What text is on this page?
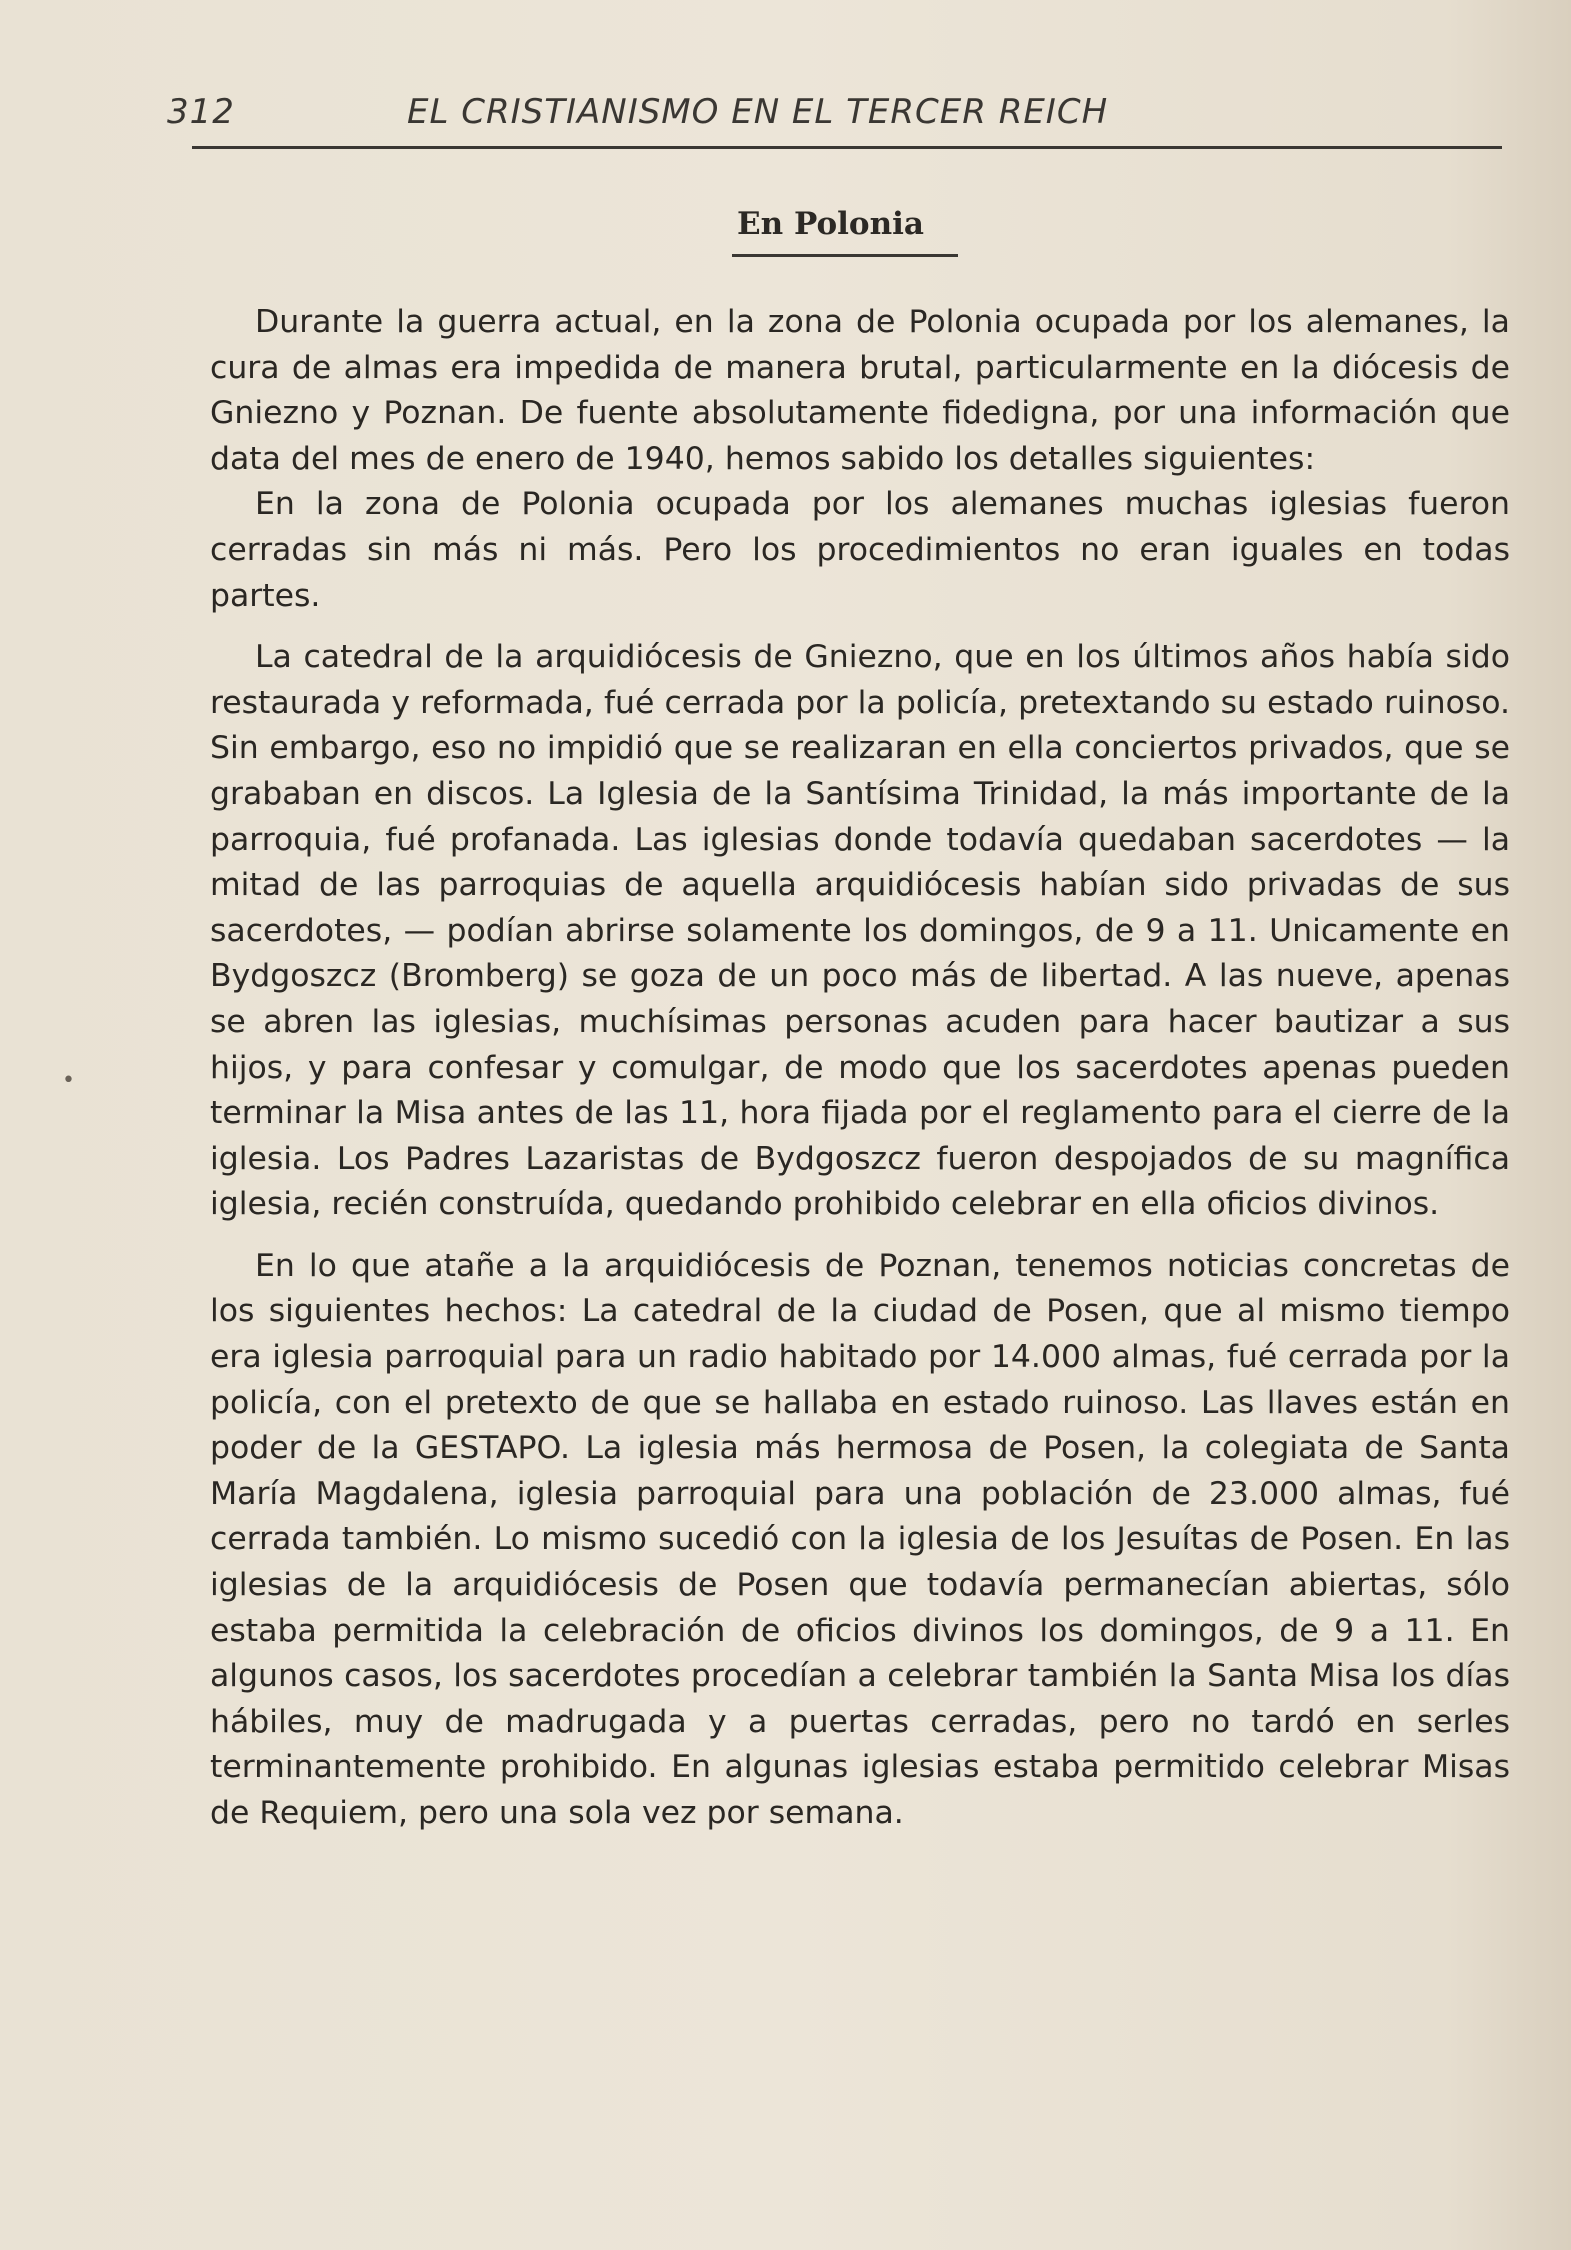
312	EL CRISTIANISMO EN EL TERCER REICH
En Polonia

Durante la guerra actual, en la zona de Polonia ocupada por los alemanes, la cura de almas era impedida de manera brutal, particularmente en la diócesis de Gniezno y Poznan. De fuente absolutamente fidedigna, por una información que data del mes de enero de 1940, hemos sabido los detalles siguientes:

En la zona de Polonia ocupada por los alemanes muchas iglesias fueron cerradas sin más ni más. Pero los procedimientos no eran iguales en todas partes.

La catedral de la arquidiócesis de Gniezno, que en los últimos años había sido restaurada y reformada, fué cerrada por la policía, pretextando su estado ruinoso. Sin embargo, eso no impidió que se realizaran en ella conciertos privados, que se grababan en discos. La Iglesia de la Santísima Trinidad, la más importante de la parroquia, fué profanada. Las iglesias donde todavía quedaban sacerdotes — la mitad de las parroquias de aquella arquidiócesis habían sido privadas de sus sacerdotes, — podían abrirse solamente los domingos, de 9 a 11. Unicamente en Bydgoszcz (Bromberg) se goza de un poco más de libertad. A las nueve, apenas se abren las iglesias, muchísimas personas acuden para hacer bautizar a sus hijos, y para confesar y comulgar, de modo que los sacerdotes apenas pueden terminar la Misa antes de las 11, hora fijada por el reglamento para el cierre de la iglesia. Los Padres Lazaristas de Bydgoszcz fueron despojados de su magnífica iglesia, recién construída, quedando prohibido celebrar en ella oficios divinos.

En lo que atañe a la arquidiócesis de Poznan, tenemos noticias concretas de los siguientes hechos: La catedral de la ciudad de Posen, que al mismo tiempo era iglesia parroquial para un radio habitado por 14.000 almas, fué cerrada por la policía, con el pretexto de que se hallaba en estado ruinoso. Las llaves están en poder de la GESTAPO. La iglesia más hermosa de Posen, la colegiata de Santa María Magdalena, iglesia parroquial para una población de 23.000 almas, fué cerrada también. Lo mismo sucedió con la iglesia de los Jesuítas de Posen. En las iglesias de la arquidiócesis de Posen que todavía permanecían abiertas, sólo estaba permitida la celebración de oficios divinos los domingos, de 9 a 11. En algunos casos, los sacerdotes procedían a celebrar también la Santa Misa los días hábiles, muy de madrugada y a puertas cerradas, pero no tardó en serles terminantemente prohibido. En algunas iglesias estaba permitido celebrar Misas de Requiem, pero una sola vez por semana.

•
